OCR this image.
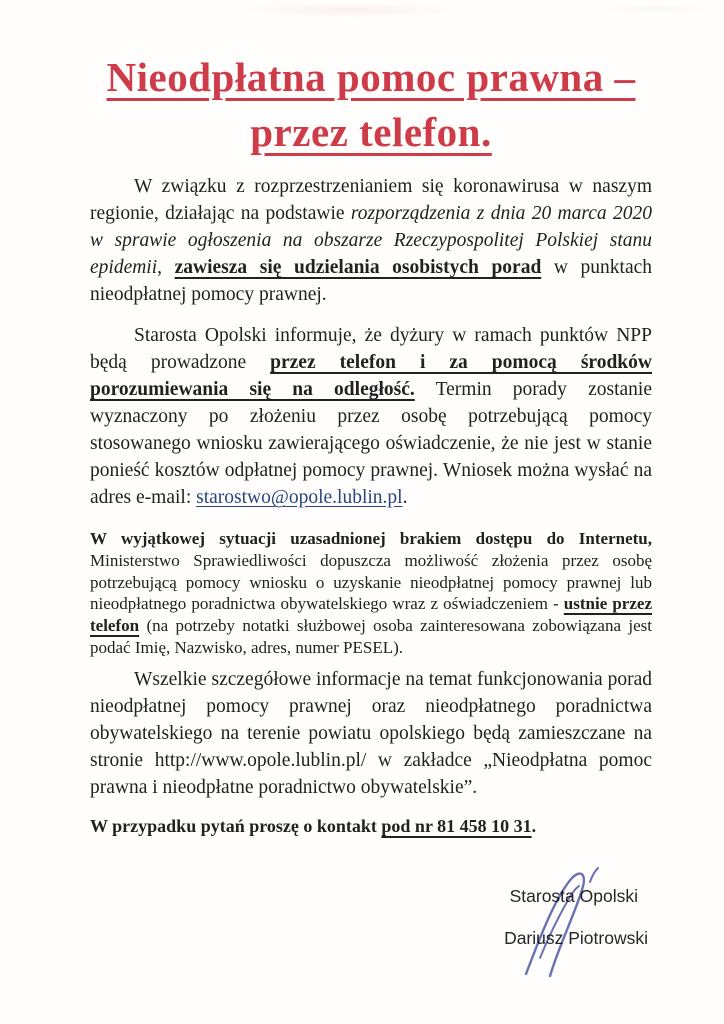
Nieodpłatna pomoc prawna –
przez telefon.

W związku z rozprzestrzenianiem się koronawirusa w naszym regionie, działając na podstawie rozporządzenia z dnia 20 marca 2020 w sprawie ogłoszenia na obszarze Rzeczypospolitej Polskiej stanu epidemii, zawiesza się udzielania osobistych porad w punktach nieodpłatnej pomocy prawnej.

Starosta Opolski informuje, że dyżury w ramach punktów NPP będą prowadzone przez telefon i za pomocą środków porozumiewania się na odległość. Termin porady zostanie wyznaczony po złożeniu przez osobę potrzebującą pomocy stosowanego wniosku zawierającego oświadczenie, że nie jest w stanie ponieść kosztów odpłatnej pomocy prawnej. Wniosek można wysłać na adres e-mail: starostwo@opole.lublin.pl.

W wyjątkowej sytuacji uzasadnionej brakiem dostępu do Internetu, Ministerstwo Sprawiedliwości dopuszcza możliwość złożenia przez osobę potrzebującą pomocy wniosku o uzyskanie nieodpłatnej pomocy prawnej lub nieodpłatnego poradnictwa obywatelskiego wraz z oświadczeniem - ustnie przez telefon (na potrzeby notatki służbowej osoba zainteresowana zobowiązana jest podać Imię, Nazwisko, adres, numer PESEL).

Wszelkie szczegółowe informacje na temat funkcjonowania porad nieodpłatnej pomocy prawnej oraz nieodpłatnego poradnictwa obywatelskiego na terenie powiatu opolskiego będą zamieszczane na stronie http://www.opole.lublin.pl/ w zakładce „Nieodpłatna pomoc prawna i nieodpłatne poradnictwo obywatelskie”.

W przypadku pytań proszę o kontakt pod nr 81 458 10 31.

Starosta Opolski
Dariusz Piotrowski
